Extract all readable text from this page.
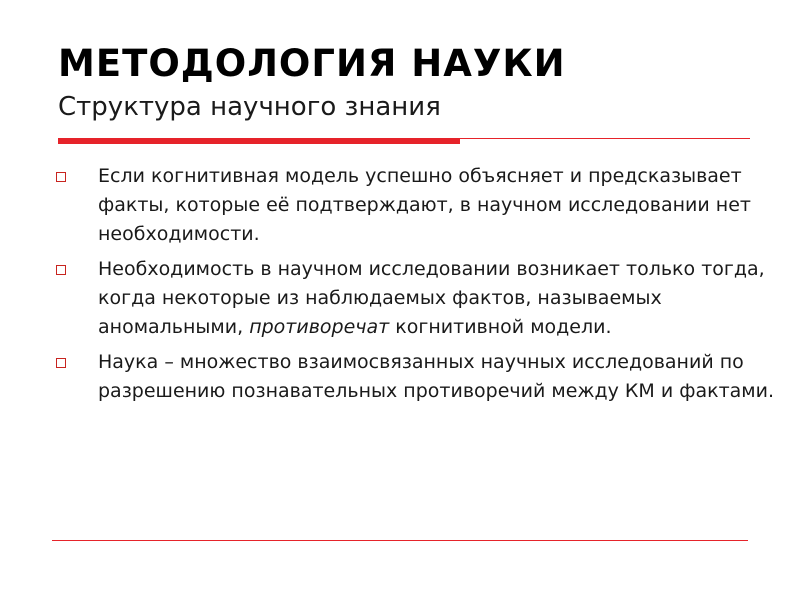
МЕТОДОЛОГИЯ НАУКИ
Структура научного знания
Если когнитивная модель успешно объясняет и предсказывает факты, которые её подтверждают, в научном исследовании нет необходимости.
Необходимость в научном исследовании возникает только тогда, когда некоторые из наблюдаемых фактов, называемых аномальными, противоречат когнитивной модели.
Наука – множество взаимосвязанных научных исследований по разрешению познавательных противоречий между КМ и фактами.
